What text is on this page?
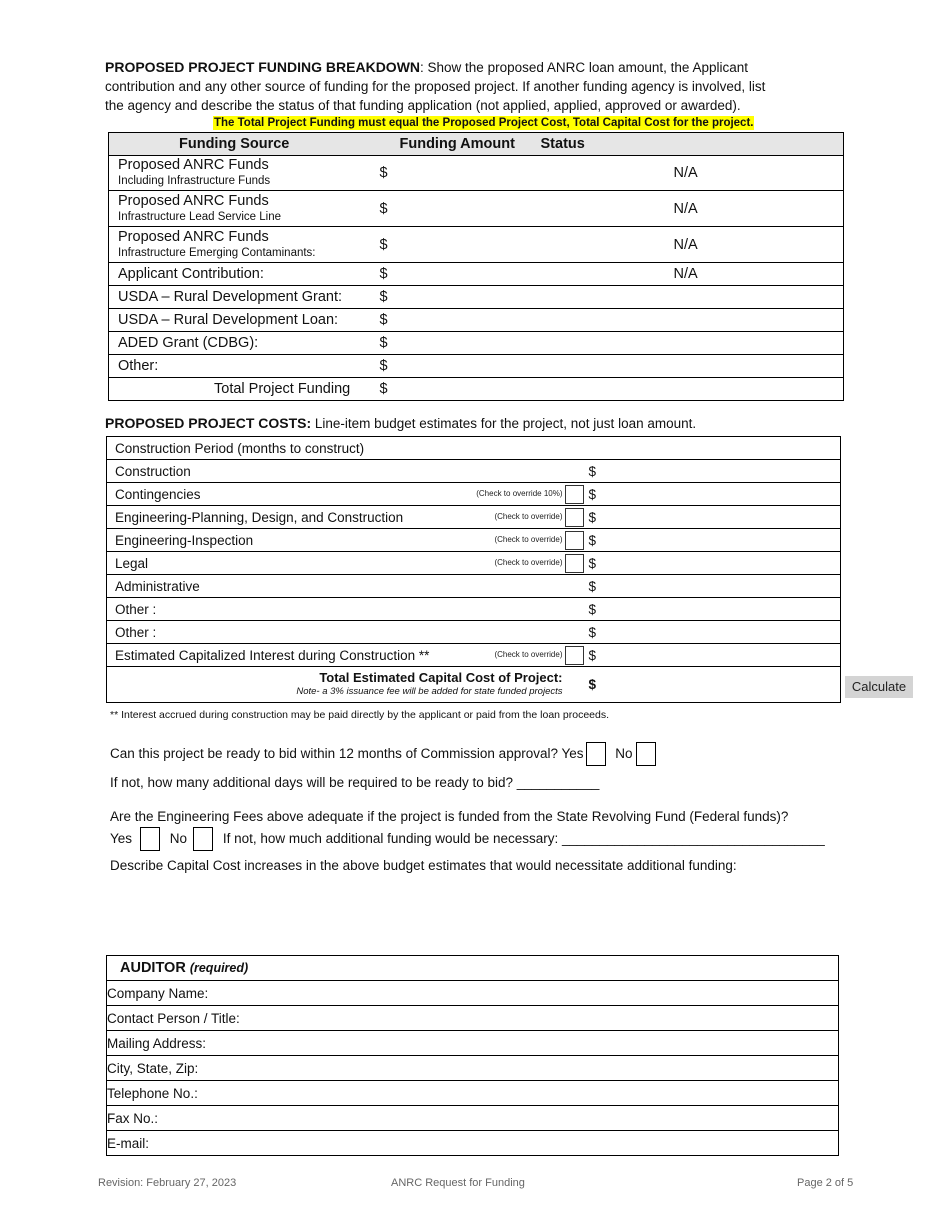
PROPOSED PROJECT FUNDING BREAKDOWN: Show the proposed ANRC loan amount, the Applicant
contribution and any other source of funding for the proposed project. If another funding agency is involved, list
the agency and describe the status of that funding application (not applied, applied, approved or awarded).
The Total Project Funding must equal the Proposed Project Cost, Total Capital Cost for the project.
Funding Source	Funding Amount	Status

Proposed ANRC Funds
Including Infrastructure Funds	$	N/A

Proposed ANRC Funds
Infrastructure Lead Service Line	$	N/A

Proposed ANRC Funds
Infrastructure Emerging Contaminants:	$	N/A

Applicant Contribution:	$	N/A

USDA – Rural Development Grant:	$	

USDA – Rural Development Loan:	$	

ADED Grant (CDBG):	$	

Other:	$	
Total Project Funding	$	
PROPOSED PROJECT COSTS: Line-item budget estimates for the project, not just loan amount.
Construction Period (months to construct)		
Construction		$
Contingencies (Check to override 10%)		$
Engineering-Planning, Design, and Construction (Check to override)		$
Engineering-Inspection (Check to override)		$
Legal (Check to override)		$
Administrative		$
Other :		$
Other :		$
Estimated Capitalized Interest during Construction ** (Check to override)		$

Total Estimated Capital Cost of Project:
Note- a 3% issuance fee will be added for state funded projects		$	Calculate
** Interest accrued during construction may be paid directly by the applicant or paid from the loan proceeds.
Can this project be ready to bid within 12 months of Commission approval? Yes No
If not, how many additional days will be required to be ready to bid? ___________
Are the Engineering Fees above adequate if the project is funded from the State Revolving Fund (Federal funds)?
Yes	No	If not, how much additional funding would be necessary: ___________________________________
Describe Capital Cost increases in the above budget estimates that would necessitate additional funding:
AUDITOR (required)
Company Name:
Contact Person / Title:
Mailing Address:
City, State, Zip:
Telephone No.:
Fax No.:
E-mail:
Revision: February 27, 2023	ANRC Request for Funding	Page 2 of 5
